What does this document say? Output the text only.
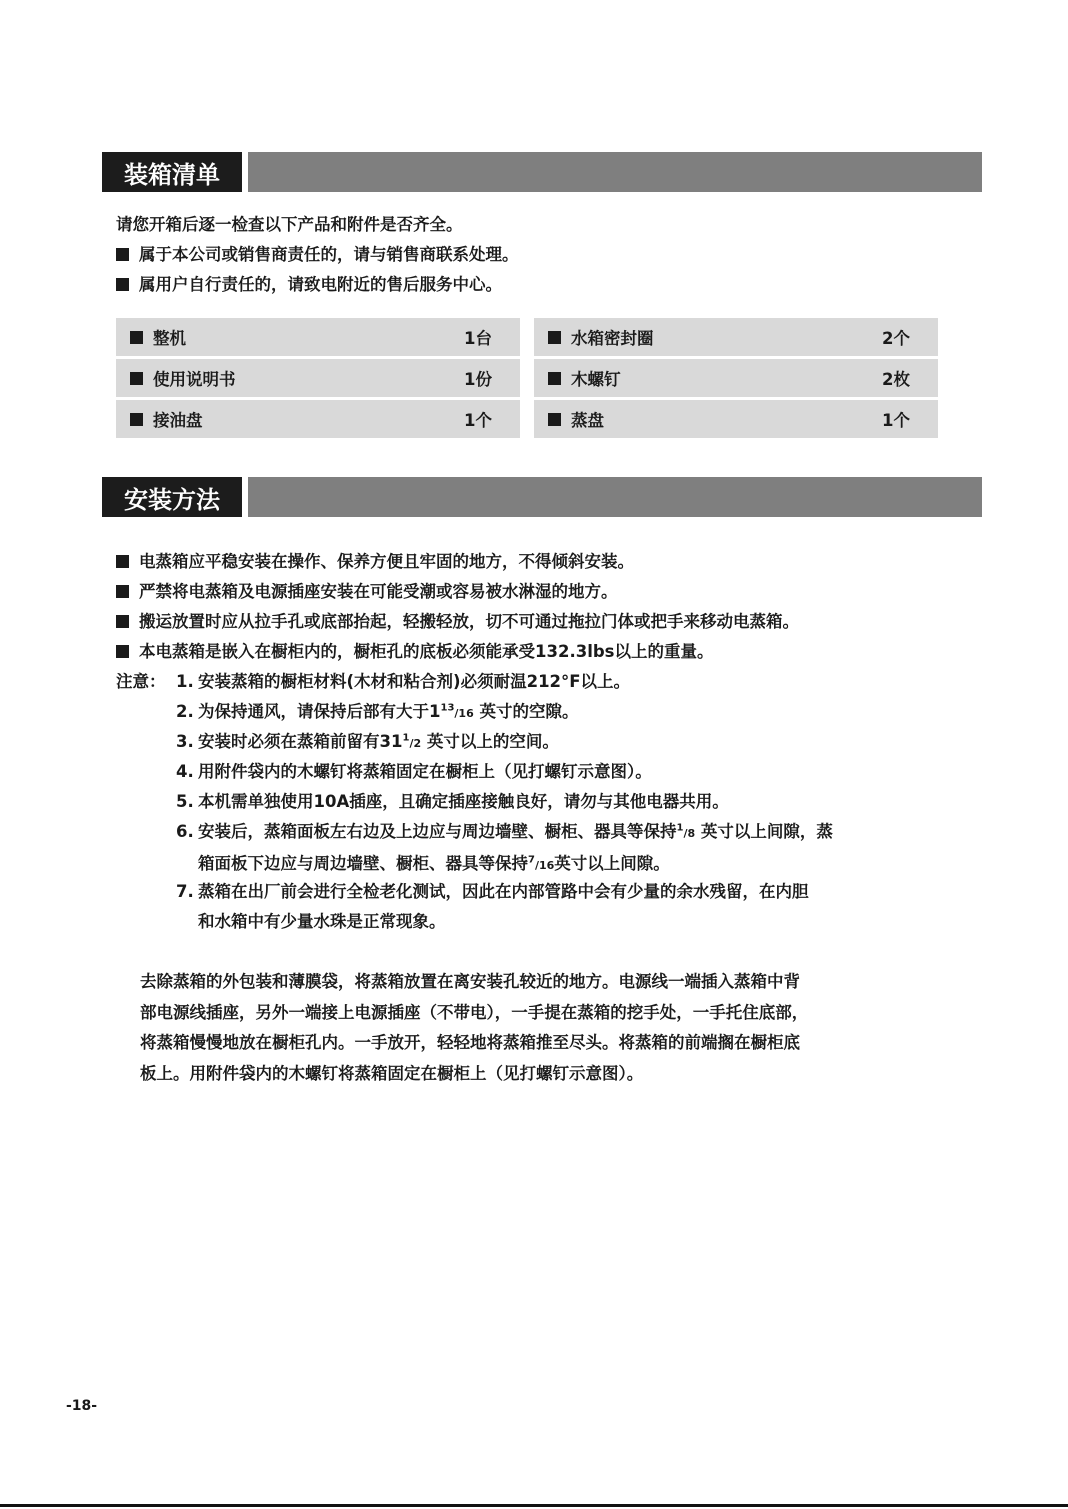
装箱清单
请您开箱后逐一检查以下产品和附件是否齐全。
属于本公司或销售商责任的，请与销售商联系处理。
属用户自行责任的，请致电附近的售后服务中心。
整机	1台	水箱密封圈	2个
使用说明书	1份	木螺钉	2枚
接油盘	1个	蒸盘	1个
安装方法
电蒸箱应平稳安装在操作、保养方便且牢固的地方，不得倾斜安装。
严禁将电蒸箱及电源插座安装在可能受潮或容易被水淋湿的地方。
搬运放置时应从拉手孔或底部抬起，轻搬轻放，切不可通过拖拉门体或把手来移动电蒸箱。
本电蒸箱是嵌入在橱柜内的，橱柜孔的底板必须能承受132.3lbs以上的重量。
注意： 1. 安装蒸箱的橱柜材料(木材和粘合剂)必须耐温212°F以上。
2. 为保持通风，请保持后部有大于$1^{13}/16$ 英寸的空隙。
3. 安装时必须在蒸箱前留有$31^1/2$ 英寸以上的空间。
4. 用附件袋内的木螺钉将蒸箱固定在橱柜上（见打螺钉示意图）。
5. 本机需单独使用10A插座，且确定插座接触良好，请勿与其他电器共用。
6. 安装后，蒸箱面板左右边及上边应与周边墙壁、橱柜、器具等保持$^1$/8 英寸以上间隙，蒸
箱面板下边应与周边墙壁、橱柜、器具等保持$^7$/16英寸以上间隙。
7. 蒸箱在出厂前会进行全检老化测试，因此在内部管路中会有少量的余水残留，在内胆
和水箱中有少量水珠是正常现象。
去除蒸箱的外包装和薄膜袋，将蒸箱放置在离安装孔较近的地方。电源线一端插入蒸箱中背
部电源线插座，另外一端接上电源插座（不带电），一手提在蒸箱的挖手处，一手托住底部，
将蒸箱慢慢地放在橱柜孔内。一手放开，轻轻地将蒸箱推至尽头。将蒸箱的前端搁在橱柜底
板上。用附件袋内的木螺钉将蒸箱固定在橱柜上（见打螺钉示意图）。
-18-
